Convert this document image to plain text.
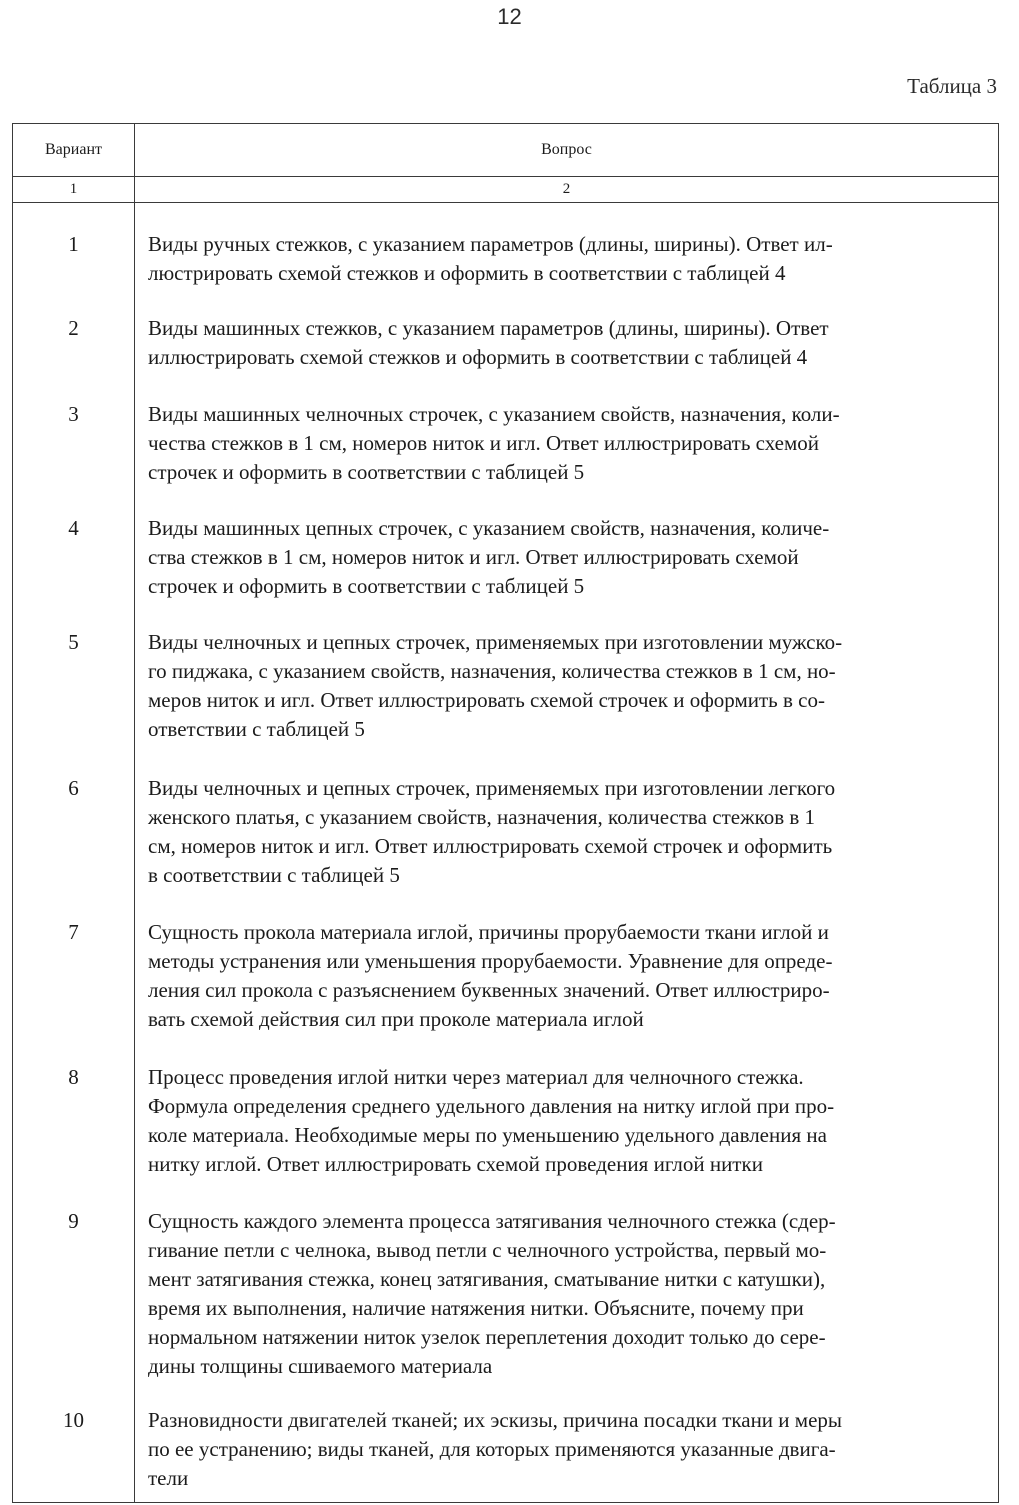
12
Таблица 3
Вариант	Вопрос
1	2
1	Виды ручных стежков, с указанием параметров (длины, ширины). Ответ ил-
люстрировать схемой стежков и оформить в соответствии с таблицей 4
2	Виды машинных стежков, с указанием параметров (длины, ширины). Ответ
иллюстрировать схемой стежков и оформить в соответствии с таблицей 4
3	Виды машинных челночных строчек, с указанием свойств, назначения, коли-
чества стежков в 1 см, номеров ниток и игл. Ответ иллюстрировать схемой
строчек и оформить в соответствии с таблицей 5
4	Виды машинных цепных строчек, с указанием свойств, назначения, количе-
ства стежков в 1 см, номеров ниток и игл. Ответ иллюстрировать схемой
строчек и оформить в соответствии с таблицей 5
5	Виды челночных и цепных строчек, применяемых при изготовлении мужско-
го пиджака, с указанием свойств, назначения, количества стежков в 1 см, но-
меров ниток и игл. Ответ иллюстрировать схемой строчек и оформить в со-
ответствии с таблицей 5
6	Виды челночных и цепных строчек, применяемых при изготовлении легкого
женского платья, с указанием свойств, назначения, количества стежков в 1
см, номеров ниток и игл. Ответ иллюстрировать схемой строчек и оформить
в соответствии с таблицей 5
7	Сущность прокола материала иглой, причины прорубаемости ткани иглой и
методы устранения или уменьшения прорубаемости. Уравнение для опреде-
ления сил прокола с разъяснением буквенных значений. Ответ иллюстриро-
вать схемой действия сил при проколе материала иглой
8	Процесс проведения иглой нитки через материал для челночного стежка.
Формула определения среднего удельного давления на нитку иглой при про-
коле материала. Необходимые меры по уменьшению удельного давления на
нитку иглой. Ответ иллюстрировать схемой проведения иглой нитки
9	Сущность каждого элемента процесса затягивания челночного стежка (сдер-
гивание петли с челнока, вывод петли с челночного устройства, первый мо-
мент затягивания стежка, конец затягивания, сматывание нитки с катушки),
время их выполнения, наличие натяжения нитки. Объясните, почему при
нормальном натяжении ниток узелок переплетения доходит только до сере-
дины толщины сшиваемого материала
10	Разновидности двигателей тканей; их эскизы, причина посадки ткани и меры
по ее устранению; виды тканей, для которых применяются указанные двига-
тели
